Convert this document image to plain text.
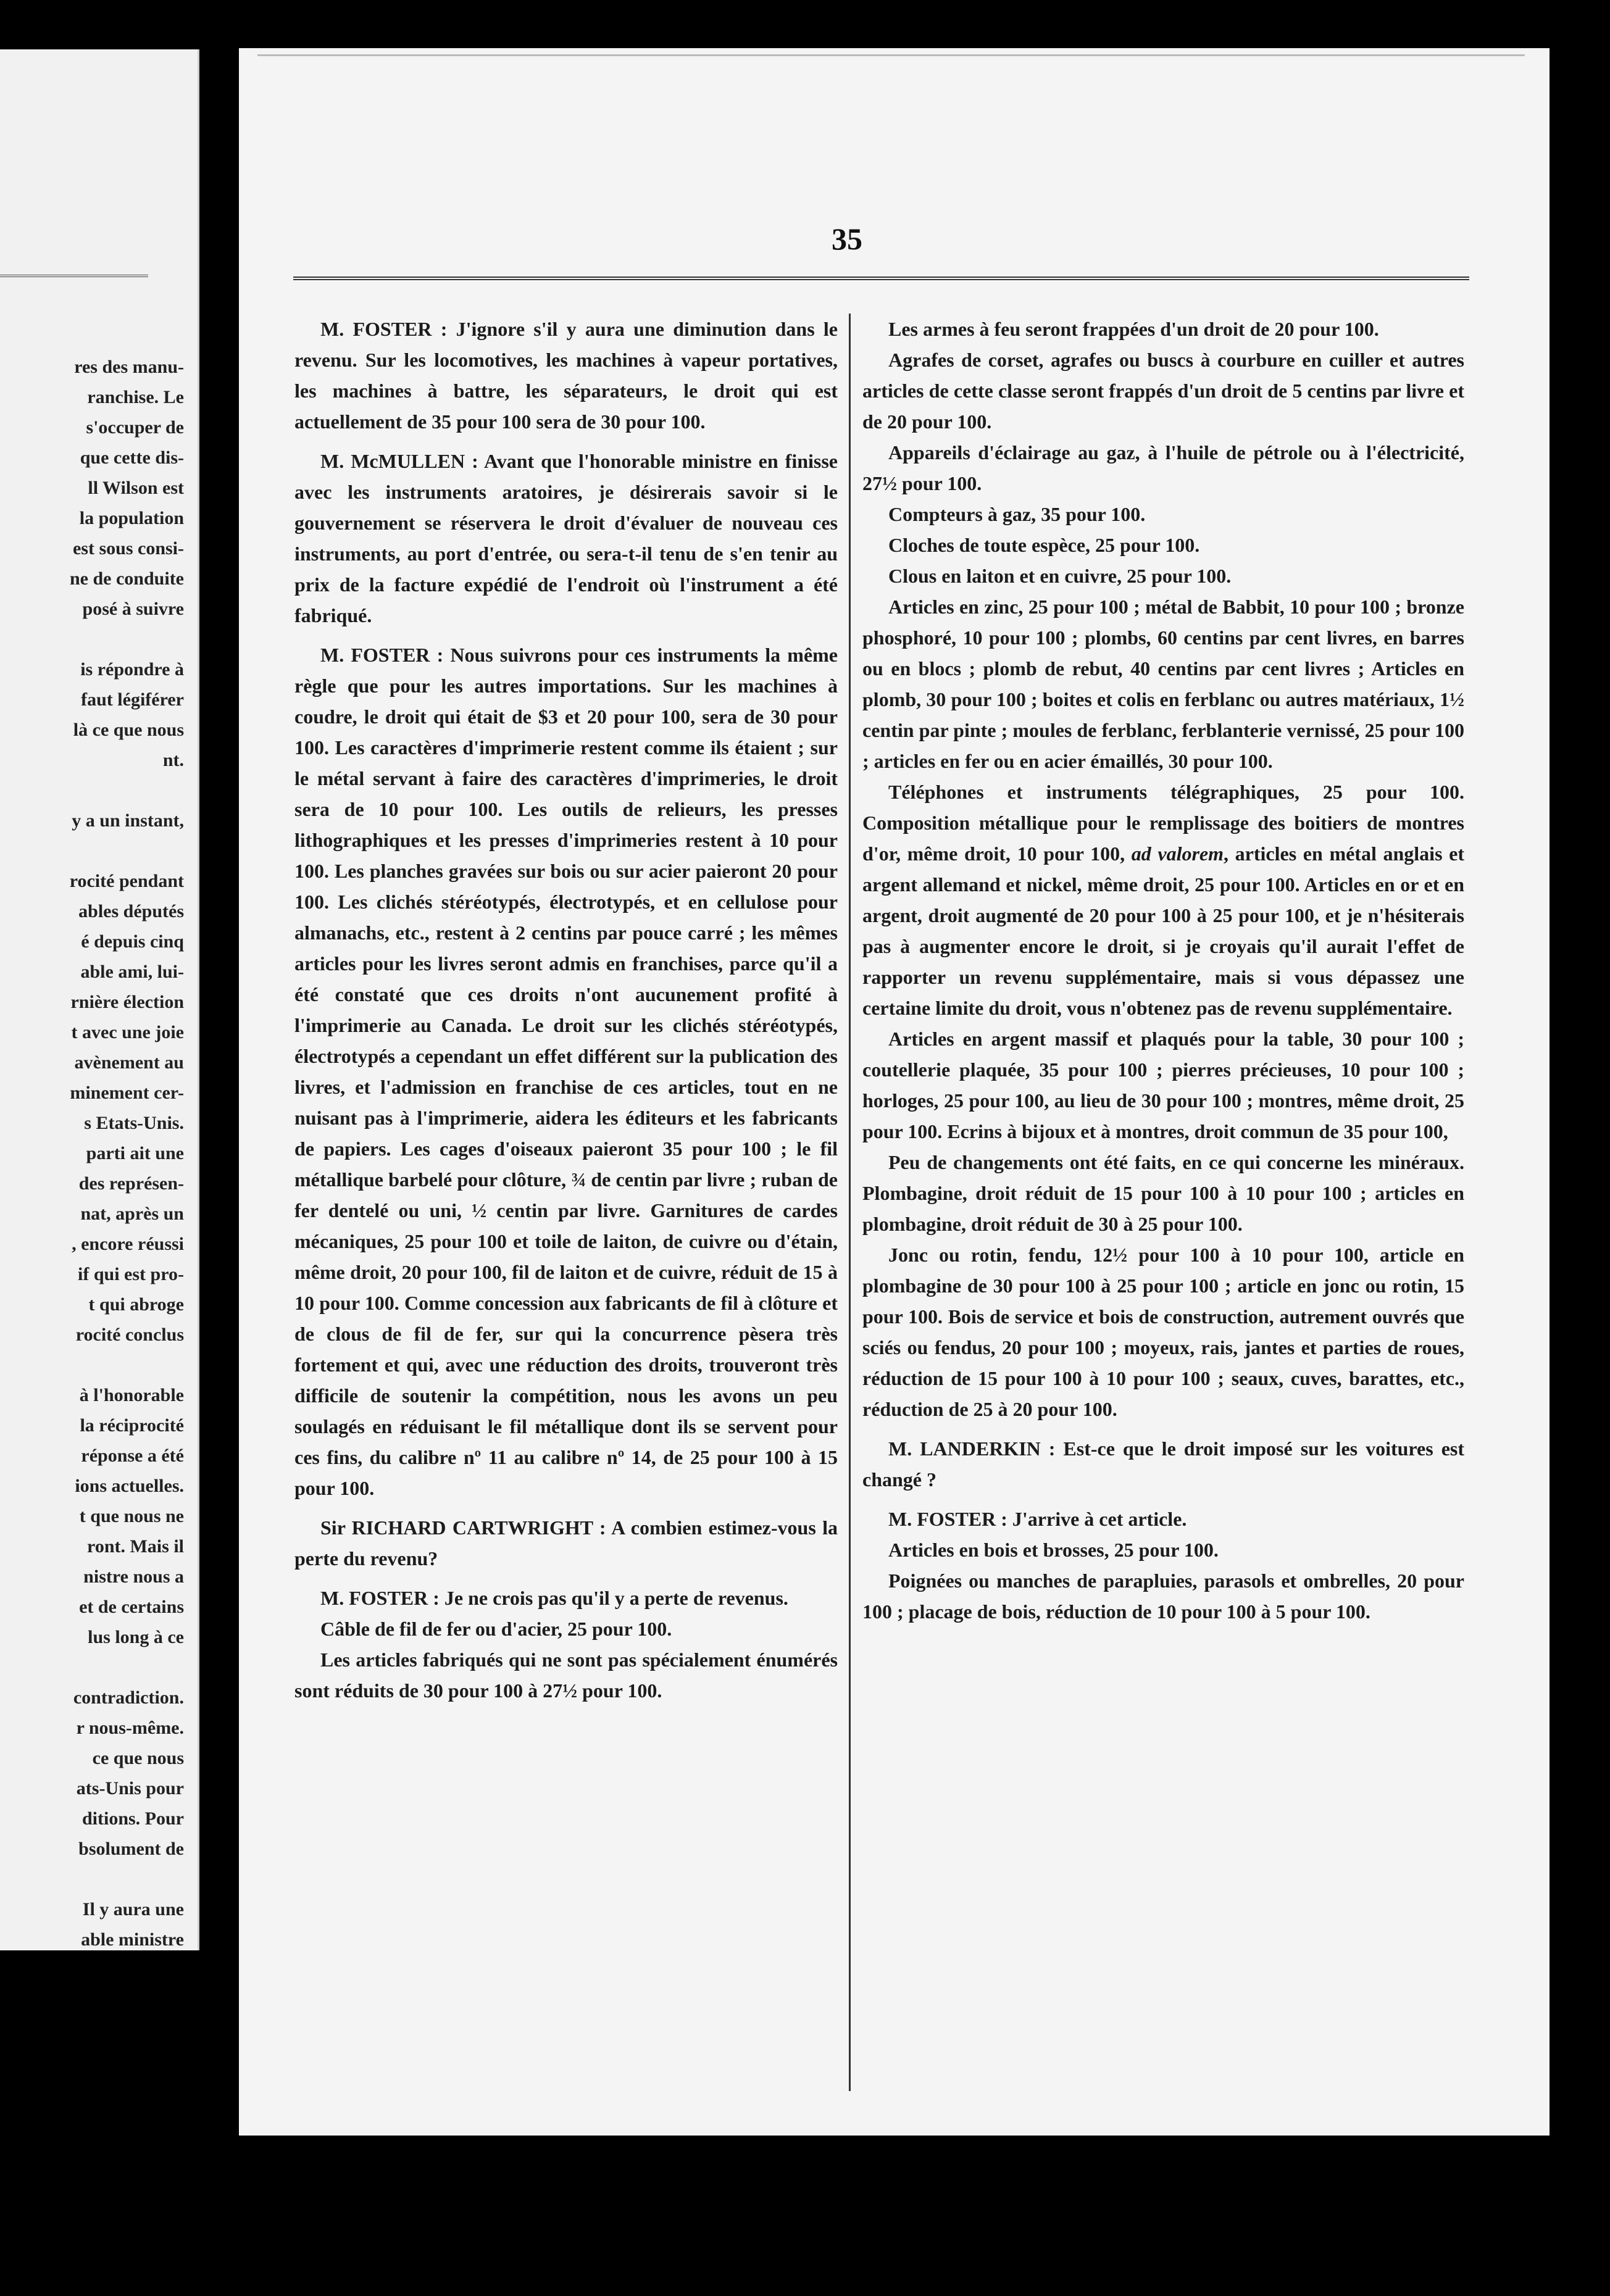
res des manu-
ranchise. Le
s'occuper de
que cette dis-
ll Wilson est
la population
est sous consi-
ne de conduite
posé à suivre
is répondre à
faut légiférer
là ce que nous
nt.
y a un instant,
rocité pendant
ables députés
é depuis cinq
able ami, lui-
rnière élection
t avec une joie
avènement au
minement cer-
s Etats-Unis.
parti ait une
des représen-
nat, après un
, encore réussi
if qui est pro-
t qui abroge
rocité conclus
à l'honorable
la réciprocité
réponse a été
ions actuelles.
t que nous ne
ront. Mais il
nistre nous a
et de certains
lus long à ce
contradiction.
r nous-même.
ce que nous
ats-Unis pour
ditions. Pour
bsolument de
Il y aura une
able ministre
35

M. FOSTER : J'ignore s'il y aura une diminution dans le revenu. Sur les locomotives, les machines à vapeur portatives, les machines à battre, les séparateurs, le droit qui est actuellement de 35 pour 100 sera de 30 pour 100.

M. McMULLEN : Avant que l'honorable ministre en finisse avec les instruments aratoires, je désirerais savoir si le gouvernement se réservera le droit d'évaluer de nouveau ces instruments, au port d'entrée, ou sera-t-il tenu de s'en tenir au prix de la facture expédié de l'endroit où l'instrument a été fabriqué.

M. FOSTER : Nous suivrons pour ces instruments la même règle que pour les autres importations. Sur les machines à coudre, le droit qui était de $3 et 20 pour 100, sera de 30 pour 100. Les caractères d'imprimerie restent comme ils étaient ; sur le métal servant à faire des caractères d'imprimeries, le droit sera de 10 pour 100. Les outils de relieurs, les presses lithographiques et les presses d'imprimeries restent à 10 pour 100. Les planches gravées sur bois ou sur acier paieront 20 pour 100. Les clichés stéréotypés, électrotypés, et en cellulose pour almanachs, etc., restent à 2 centins par pouce carré ; les mêmes articles pour les livres seront admis en franchises, parce qu'il a été constaté que ces droits n'ont aucunement profité à l'imprimerie au Canada. Le droit sur les clichés stéréotypés, électrotypés a cependant un effet différent sur la publication des livres, et l'admission en franchise de ces articles, tout en ne nuisant pas à l'imprimerie, aidera les éditeurs et les fabricants de papiers. Les cages d'oiseaux paieront 35 pour 100 ; le fil métallique barbelé pour clôture, ¾ de centin par livre ; ruban de fer dentelé ou uni, ½ centin par livre. Garnitures de cardes mécaniques, 25 pour 100 et toile de laiton, de cuivre ou d'étain, même droit, 20 pour 100, fil de laiton et de cuivre, réduit de 15 à 10 pour 100. Comme concession aux fabricants de fil à clôture et de clous de fil de fer, sur qui la concurrence pèsera très fortement et qui, avec une réduction des droits, trouveront très difficile de soutenir la compétition, nous les avons un peu soulagés en réduisant le fil métallique dont ils se servent pour ces fins, du calibre nº 11 au calibre nº 14, de 25 pour 100 à 15 pour 100.

Sir RICHARD CARTWRIGHT : A combien estimez-vous la perte du revenu?

M. FOSTER : Je ne crois pas qu'il y a perte de revenus.

Câble de fil de fer ou d'acier, 25 pour 100.

Les articles fabriqués qui ne sont pas spécialement énumérés sont réduits de 30 pour 100 à 27½ pour 100.

Les armes à feu seront frappées d'un droit de 20 pour 100.

Agrafes de corset, agrafes ou buscs à courbure en cuiller et autres articles de cette classe seront frappés d'un droit de 5 centins par livre et de 20 pour 100.

Appareils d'éclairage au gaz, à l'huile de pétrole ou à l'électricité, 27½ pour 100.

Compteurs à gaz, 35 pour 100.

Cloches de toute espèce, 25 pour 100.

Clous en laiton et en cuivre, 25 pour 100.

Articles en zinc, 25 pour 100 ; métal de Babbit, 10 pour 100 ; bronze phosphoré, 10 pour 100 ; plombs, 60 centins par cent livres, en barres ou en blocs ; plomb de rebut, 40 centins par cent livres ; Articles en plomb, 30 pour 100 ; boites et colis en ferblanc ou autres matériaux, 1½ centin par pinte ; moules de ferblanc, ferblanterie vernissé, 25 pour 100 ; articles en fer ou en acier émaillés, 30 pour 100.

Téléphones et instruments télégraphiques, 25 pour 100. Composition métallique pour le remplissage des boitiers de montres d'or, même droit, 10 pour 100, ad valorem, articles en métal anglais et argent allemand et nickel, même droit, 25 pour 100. Articles en or et en argent, droit augmenté de 20 pour 100 à 25 pour 100, et je n'hésiterais pas à augmenter encore le droit, si je croyais qu'il aurait l'effet de rapporter un revenu supplémentaire, mais si vous dépassez une certaine limite du droit, vous n'obtenez pas de revenu supplémentaire.

Articles en argent massif et plaqués pour la table, 30 pour 100 ; coutellerie plaquée, 35 pour 100 ; pierres précieuses, 10 pour 100 ; horloges, 25 pour 100, au lieu de 30 pour 100 ; montres, même droit, 25 pour 100. Ecrins à bijoux et à montres, droit commun de 35 pour 100,

Peu de changements ont été faits, en ce qui concerne les minéraux. Plombagine, droit réduit de 15 pour 100 à 10 pour 100 ; articles en plombagine, droit réduit de 30 à 25 pour 100.

Jonc ou rotin, fendu, 12½ pour 100 à 10 pour 100, article en plombagine de 30 pour 100 à 25 pour 100 ; article en jonc ou rotin, 15 pour 100. Bois de service et bois de construction, autrement ouvrés que sciés ou fendus, 20 pour 100 ; moyeux, rais, jantes et parties de roues, réduction de 15 pour 100 à 10 pour 100 ; seaux, cuves, barattes, etc., réduction de 25 à 20 pour 100.

M. LANDERKIN : Est-ce que le droit imposé sur les voitures est changé ?

M. FOSTER : J'arrive à cet article.

Articles en bois et brosses, 25 pour 100.

Poignées ou manches de parapluies, parasols et ombrelles, 20 pour 100 ; placage de bois, réduction de 10 pour 100 à 5 pour 100.
